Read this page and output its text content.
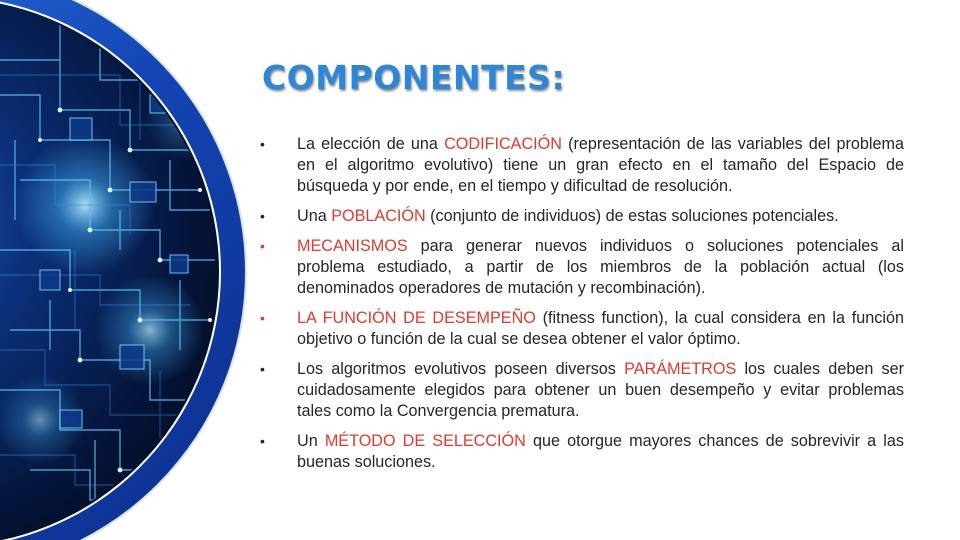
COMPONENTES:
• La elección de una CODIFICACIÓN (representación de las variables del problema en el algoritmo evolutivo) tiene un gran efecto en el tamaño del Espacio de búsqueda y por ende, en el tiempo y dificultad de resolución.
• Una POBLACIÓN (conjunto de individuos) de estas soluciones potenciales.
• MECANISMOS para generar nuevos individuos o soluciones potenciales al problema estudiado, a partir de los miembros de la población actual (los denominados operadores de mutación y recombinación).
• LA FUNCIÓN DE DESEMPEÑO (fitness function), la cual considera en la función objetivo o función de la cual se desea obtener el valor óptimo.
• Los algoritmos evolutivos poseen diversos PARÁMETROS los cuales deben ser cuidadosamente elegidos para obtener un buen desempeño y evitar problemas tales como la Convergencia prematura.
• Un MÉTODO DE SELECCIÓN que otorgue mayores chances de sobrevivir a las buenas soluciones.
